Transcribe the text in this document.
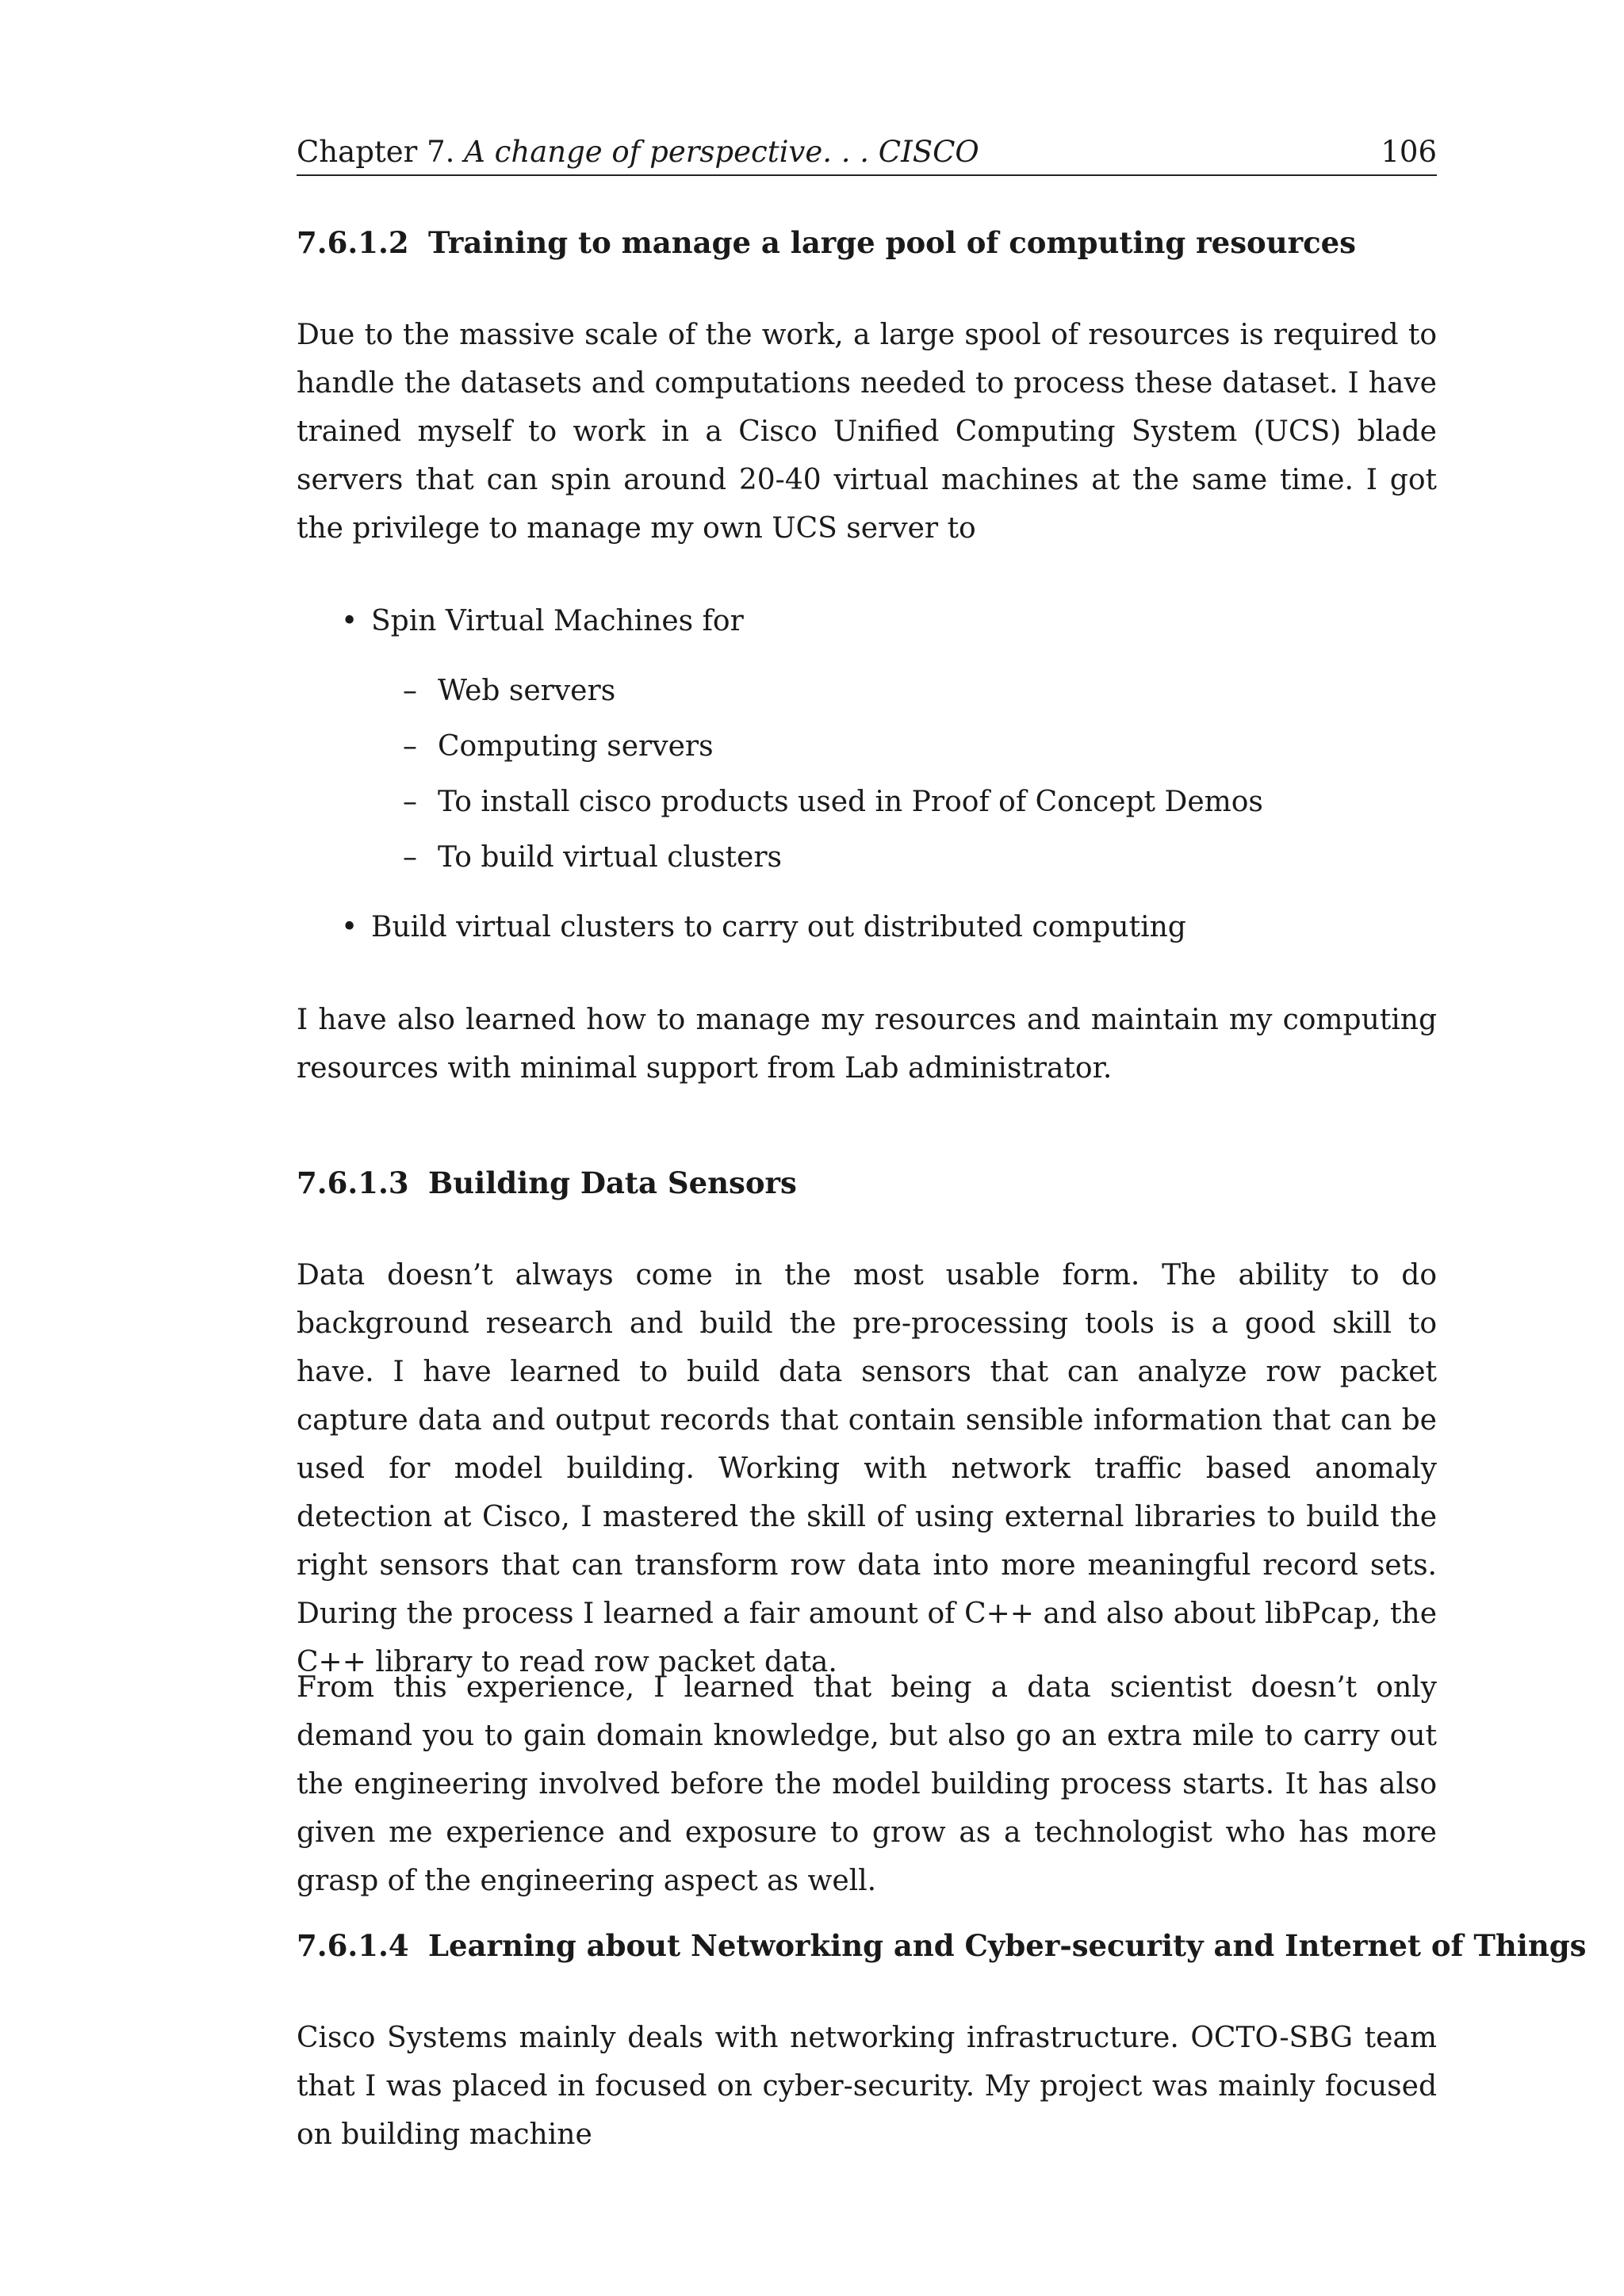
Chapter 7. A change of perspective. . . CISCO	106
7.6.1.2 Training to manage a large pool of computing resources

Due to the massive scale of the work, a large spool of resources is required to handle the datasets and computations needed to process these dataset. I have trained myself to work in a Cisco Unified Computing System (UCS) blade servers that can spin around 20-40 virtual machines at the same time. I got the privilege to manage my own UCS server to

• Spin Virtual Machines for
– Web servers
– Computing servers
– To install cisco products used in Proof of Concept Demos
– To build virtual clusters
• Build virtual clusters to carry out distributed computing

I have also learned how to manage my resources and maintain my computing resources with minimal support from Lab administrator.

7.6.1.3 Building Data Sensors

Data doesn’t always come in the most usable form. The ability to do background research and build the pre-processing tools is a good skill to have. I have learned to build data sensors that can analyze row packet capture data and output records that contain sensible information that can be used for model building. Working with network traffic based anomaly detection at Cisco, I mastered the skill of using external libraries to build the right sensors that can transform row data into more meaningful record sets. During the process I learned a fair amount of C++ and also about libPcap, the C++ library to read row packet data.

From this experience, I learned that being a data scientist doesn’t only demand you to gain domain knowledge, but also go an extra mile to carry out the engineering involved before the model building process starts. It has also given me experience and exposure to grow as a technologist who has more grasp of the engineering aspect as well.

7.6.1.4 Learning about Networking and Cyber-security and Internet of Things

Cisco Systems mainly deals with networking infrastructure. OCTO-SBG team that I was placed in focused on cyber-security. My project was mainly focused on building machine
